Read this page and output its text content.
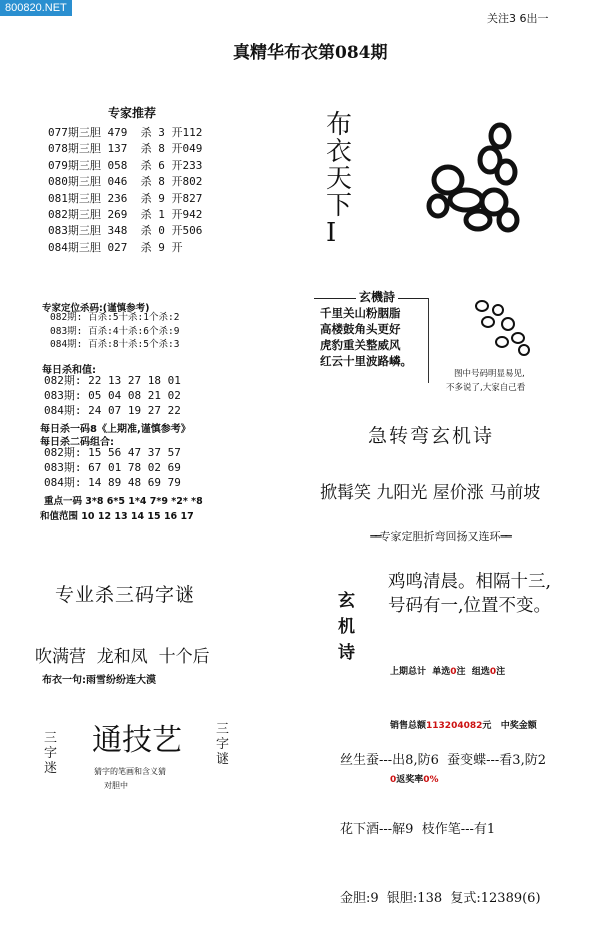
800820.NET
关注3 6出一
真精华布衣第084期
专家推荐
077期三胆 479  杀 3 开112
078期三胆 137  杀 8 开049
079期三胆 058  杀 6 开233
080期三胆 046  杀 8 开802
081期三胆 236  杀 9 开827
082期三胆 269  杀 1 开942
083期三胆 348  杀 0 开506
084期三胆 027  杀 9 开
布
衣
天
下
I
专家定位杀码:(谨慎参考)
082期: 百杀:5十杀:1个杀:2
083期: 百杀:4十杀:6个杀:9
084期: 百杀:8十杀:5个杀:3
每日杀和值:
082期: 22 13 27 18 01
083期: 05 04 08 21 02
084期: 24 07 19 27 22
每日杀一码8《上期准,谨慎参考》
每日杀二码组合:
082期: 15 56 47 37 57
083期: 67 01 78 02 69
084期: 14 89 48 69 79
重点一码 3*8 6*5 1*4 7*9 *2* *8
和值范围 10 12 13 14 15 16 17
玄機詩
千里关山粉胭脂
高楼鼓角头更好
虎豹重关整威风
红云十里波路嶙。
图中号码明显易见,
不多说了,大家自己看
急转弯玄机诗
掀髯笑 九阳光 屋价涨 马前坡
══专家定胆折弯回扬又连环══
专业杀三码字谜
吹满营  龙和凤  十个后
布衣一句:雨雪纷纷连大漠
玄
机
诗
鸡鸣清晨。相隔十三,
号码有一,位置不变。

上期总计  单选0注  组选0注

销售总额113204082元   中奖金额

0返奖率0%

丝生蚕---出8,防6  蚕变蝶---看3,防2

花下酒---解9  枝作笔---有1

金胆:9  银胆:138  复式:12389(6)

三
字
迷
通技艺
猜字的笔画和含义猜
对胆中
三
字
谜
